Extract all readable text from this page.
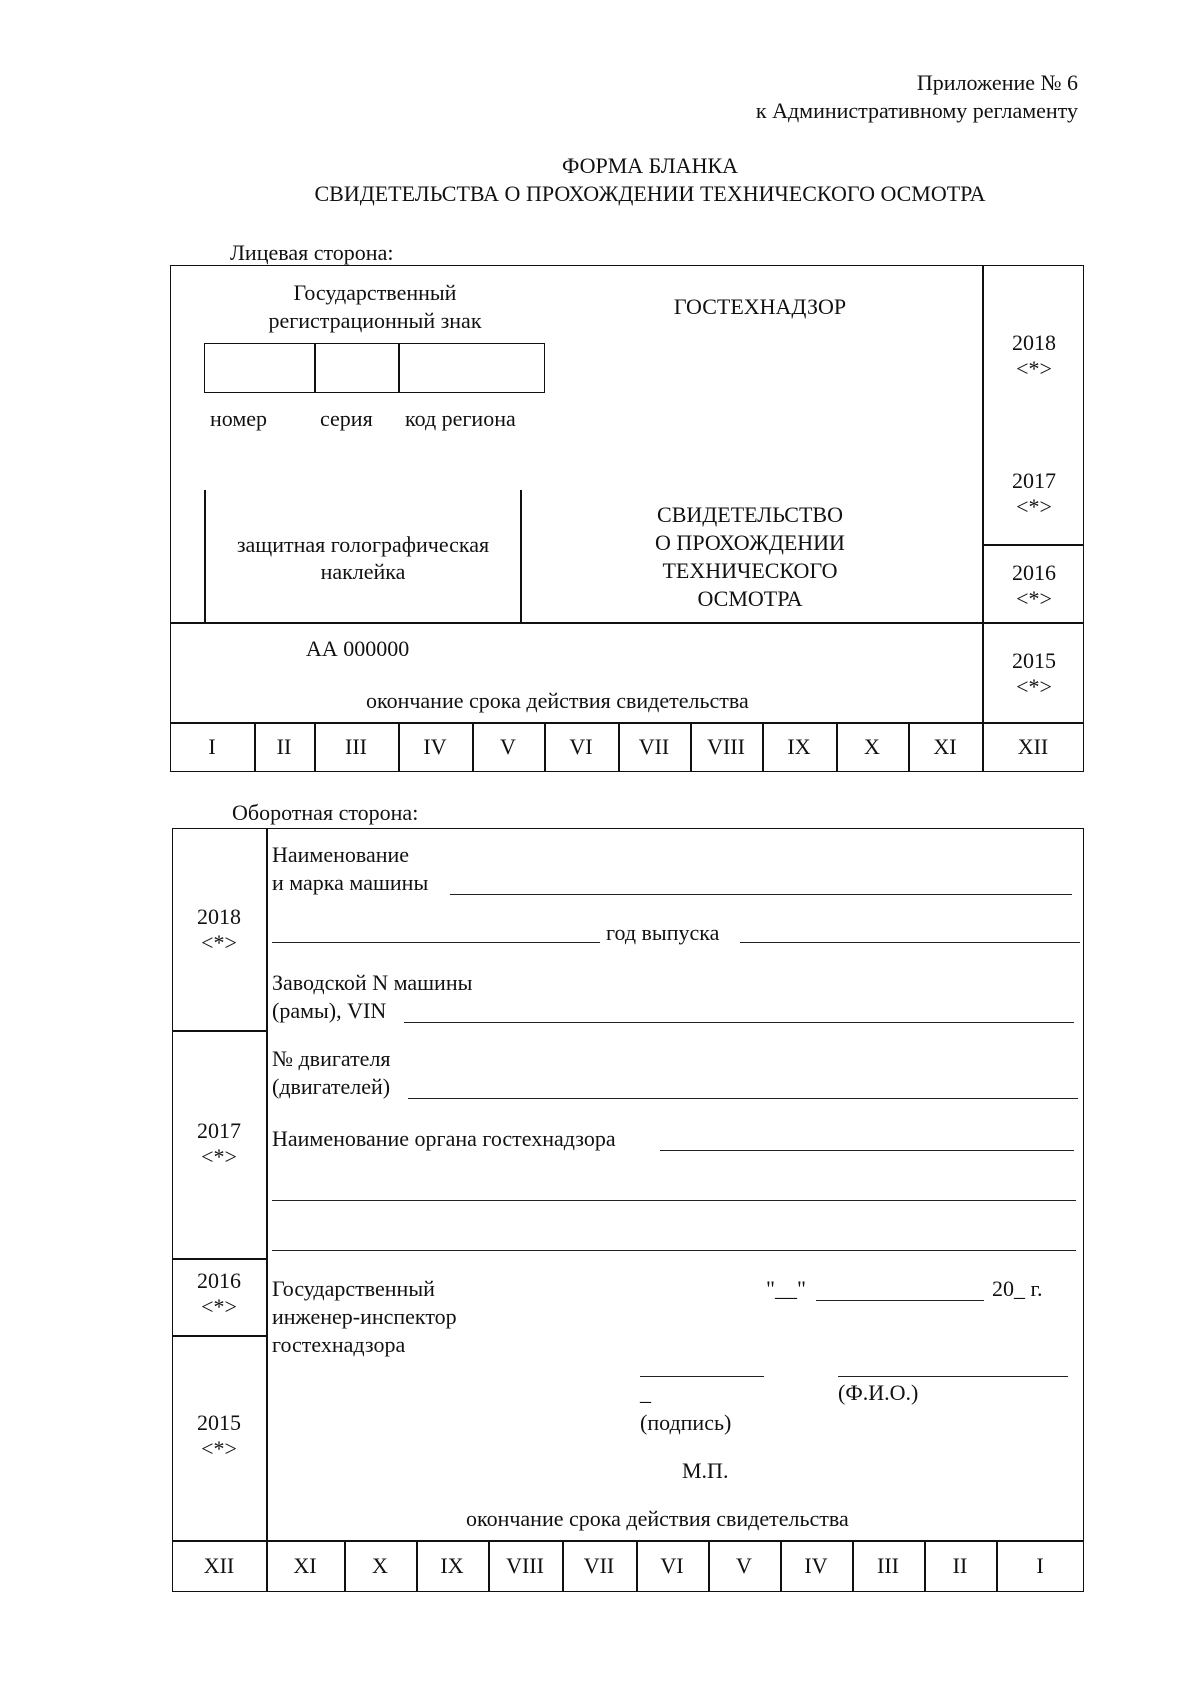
Приложение № 6
к Административному регламенту
ФОРМА БЛАНКА
СВИДЕТЕЛЬСТВА О ПРОХОЖДЕНИИ ТЕХНИЧЕСКОГО ОСМОТРА
Лицевая сторона:
Государственный
регистрационный знак
номер серия код региона
ГОСТЕХНАДЗОР
защитная голографическая
наклейка
СВИДЕТЕЛЬСТВО
О ПРОХОЖДЕНИИ
ТЕХНИЧЕСКОГО
ОСМОТРА
АА 000000
окончание срока действия свидетельства
2018
<*>
2017
<*>
2016
<*>
2015
<*>
I	II	III	IV	V	VI	VII	VIII	IX	X	XI	XII
Оборотная сторона:
2018
<*>
2017
<*>
2016
<*>
2015
<*>
Наименование
и марка машины
год выпуска
Заводской N машины
(рамы), VIN
№ двигателя
(двигателей)
Наименование органа гостехнадзора
Государственный
инженер-инспектор
гостехнадзора
"__"	20_ г.
_
(подпись)
(Ф.И.О.)
М.П.
окончание срока действия свидетельства
XII	XI	X	IX	VIII	VII	VI	V	IV	III	II	I
